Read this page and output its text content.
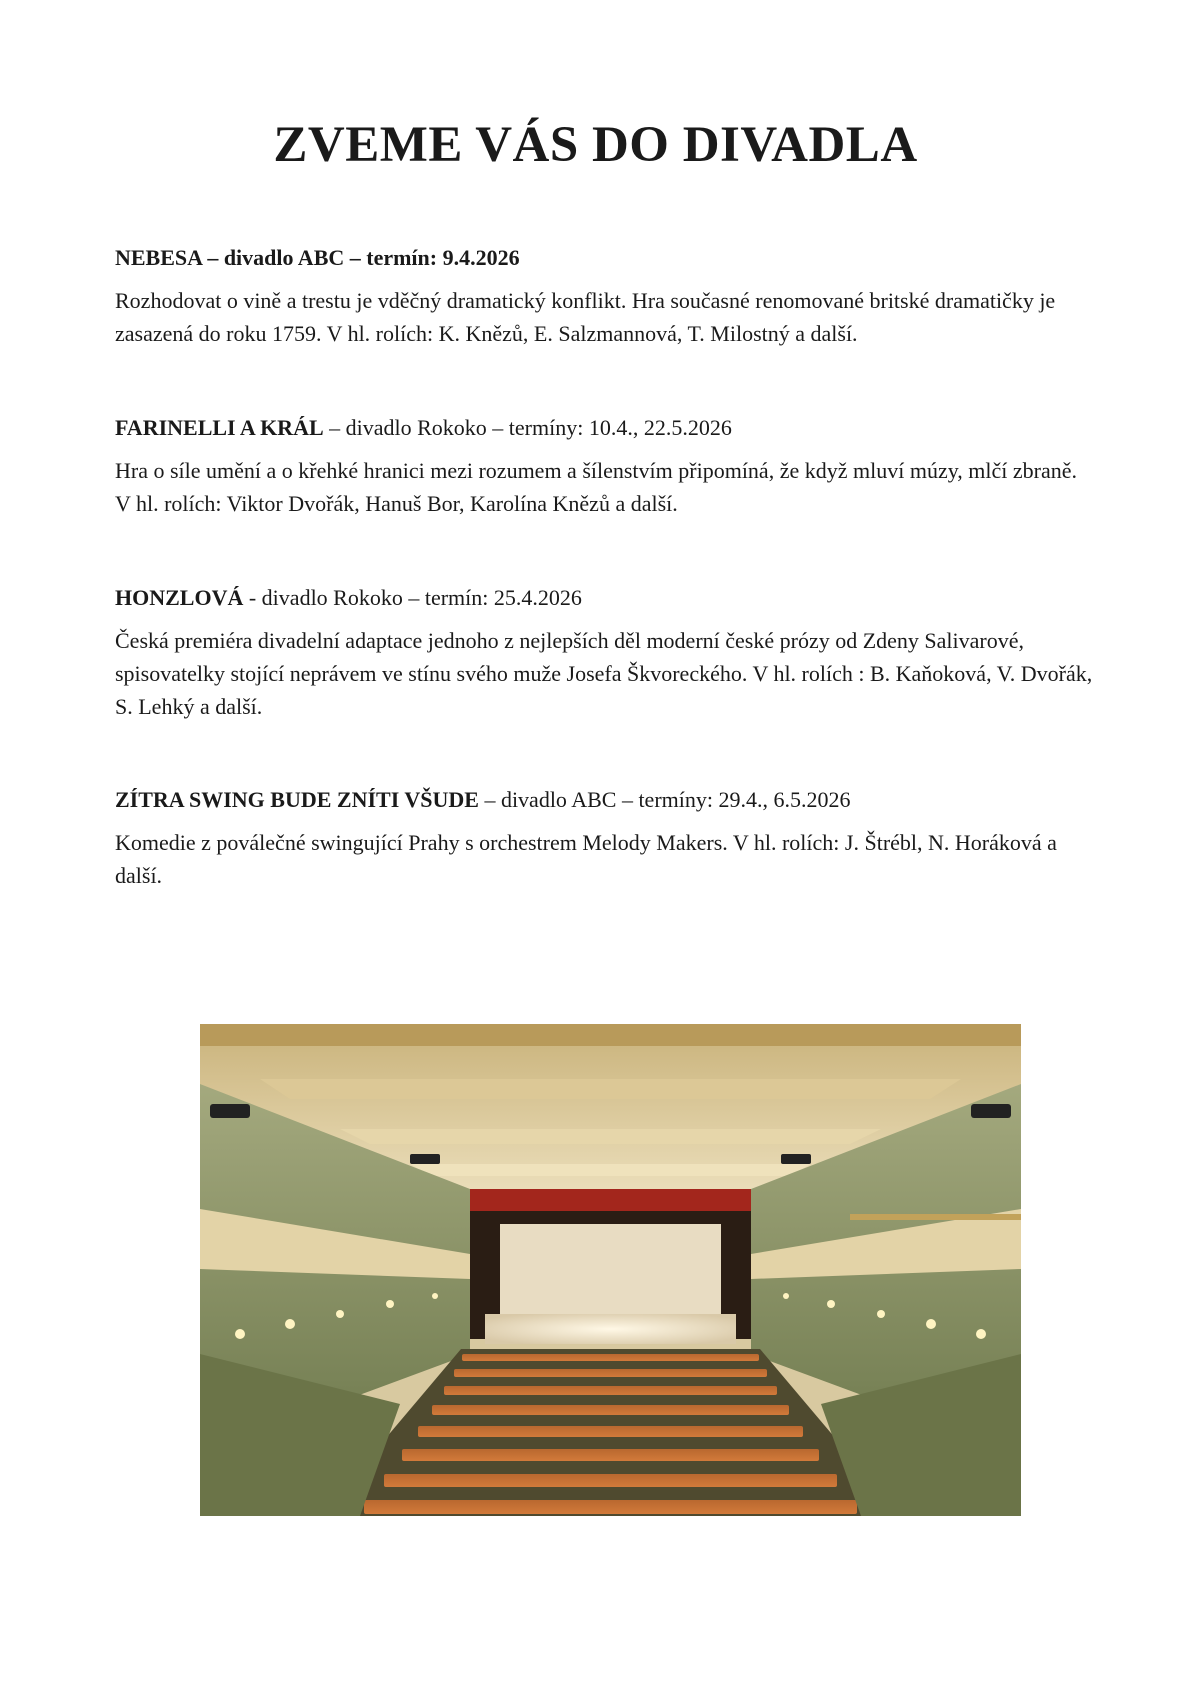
ZVEME VÁS DO DIVADLA

NEBESA – divadlo ABC – termín: 9.4.2026

Rozhodovat o vině a trestu je vděčný dramatický konflikt. Hra současné renomované britské dramatičky je zasazená do roku 1759. V hl. rolích: K. Knězů, E. Salzmannová, T. Milostný a další.

FARINELLI A KRÁL – divadlo Rokoko – termíny: 10.4., 22.5.2026

Hra o síle umění a o křehké hranici mezi rozumem a šílenstvím připomíná, že když mluví múzy, mlčí zbraně. V hl. rolích: Viktor Dvořák, Hanuš Bor, Karolína Knězů a další.

HONZLOVÁ - divadlo Rokoko – termín: 25.4.2026

Česká premiéra divadelní adaptace jednoho z nejlepších děl moderní české prózy od Zdeny Salivarové, spisovatelky stojící neprávem ve stínu svého muže Josefa Škvoreckého. V hl. rolích : B. Kaňoková, V. Dvořák, S. Lehký a další.

ZÍTRA SWING BUDE ZNÍTI VŠUDE – divadlo ABC – termíny: 29.4., 6.5.2026

Komedie z poválečné swingující Prahy s orchestrem Melody Makers. V hl. rolích: J. Štrébl, N. Horáková a další.
